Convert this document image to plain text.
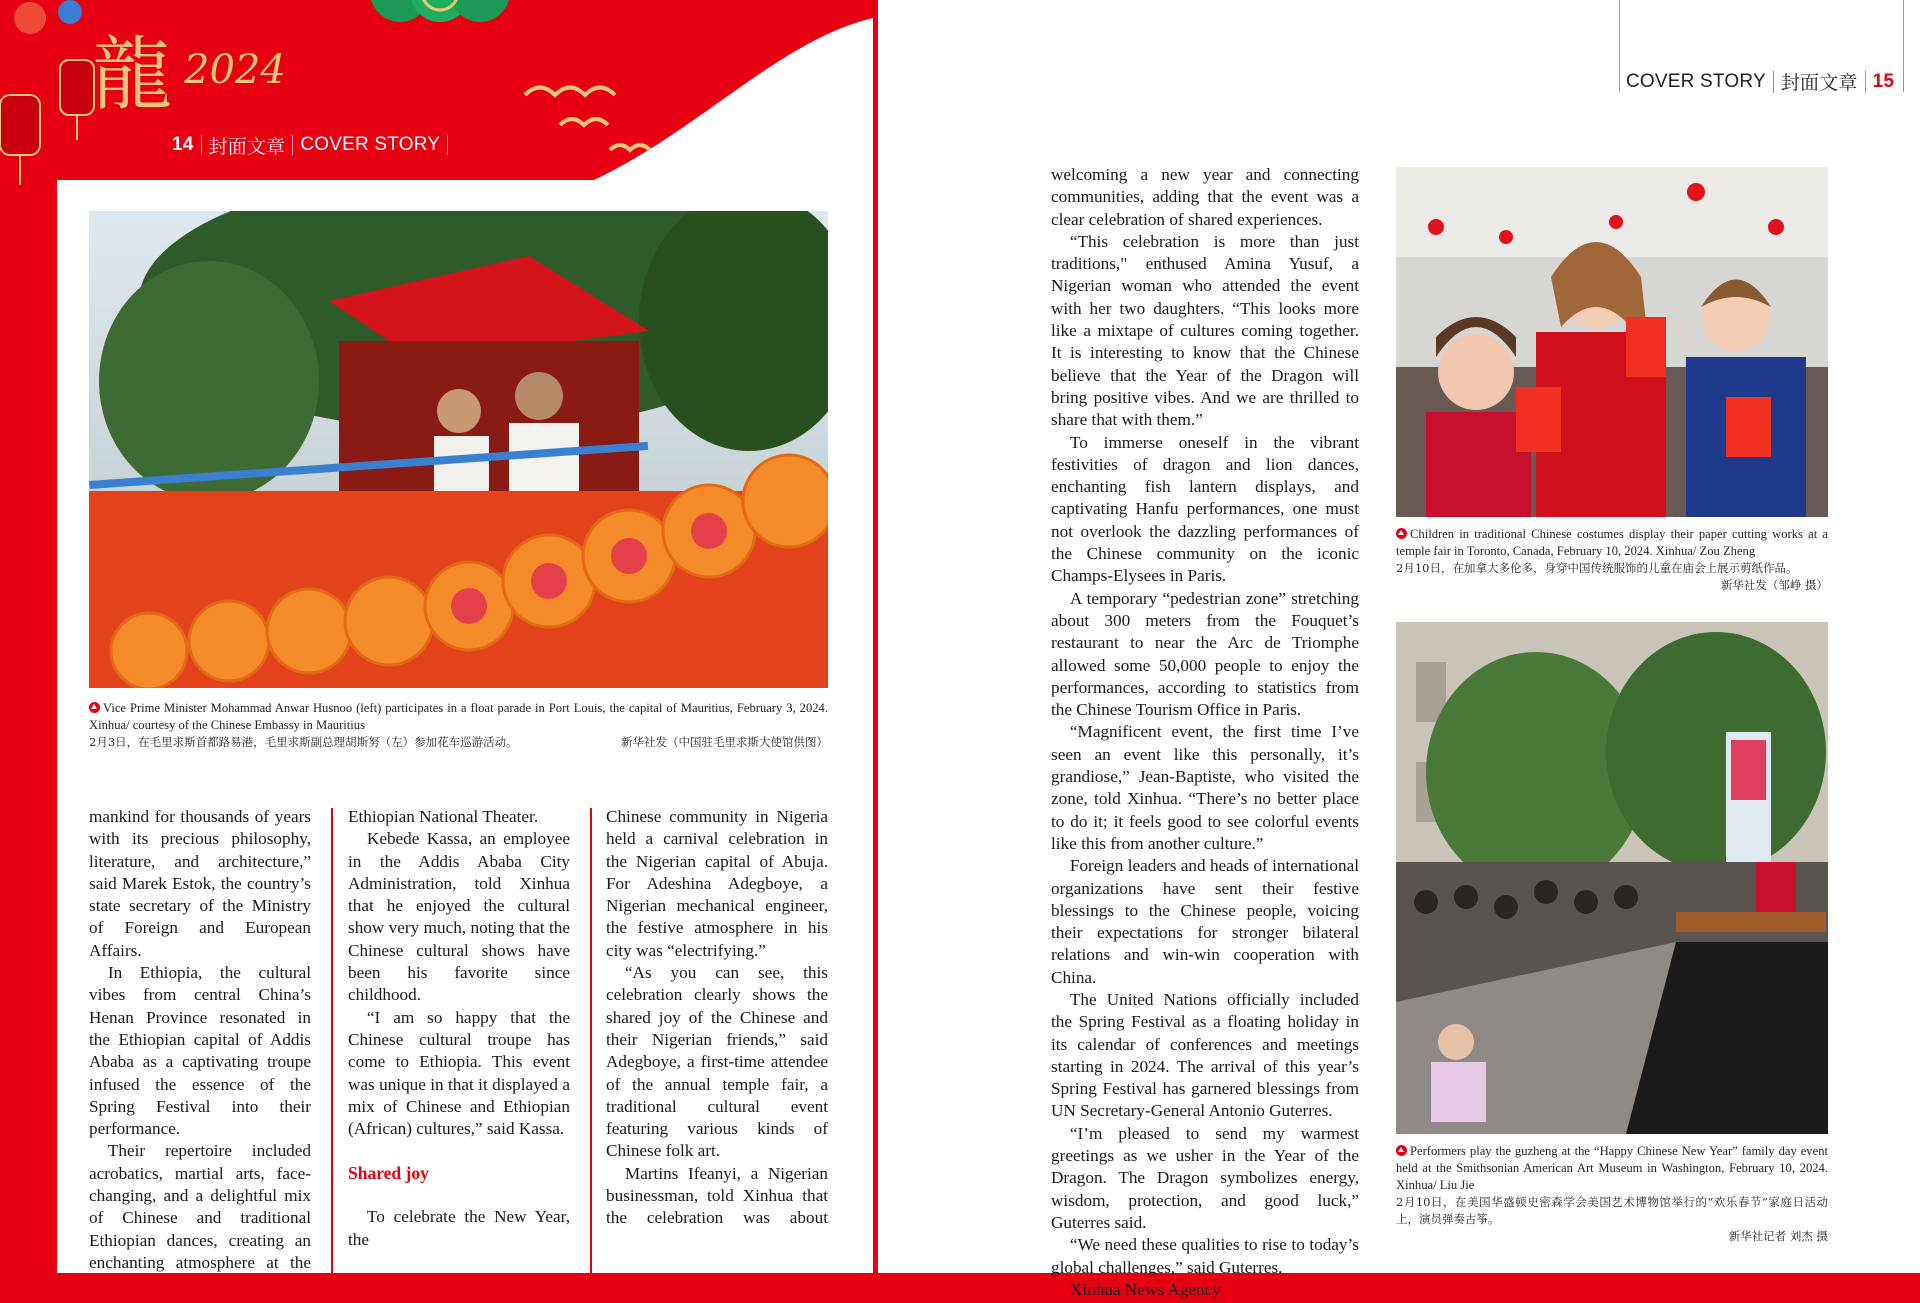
龍 2024
14 封面文章 COVER STORY
Vice Prime Minister Mohammad Anwar Husnoo (left) participates in a float parade in Port Louis, the capital of Mauritius, February 3, 2024. Xinhua/ courtesy of the Chinese Embassy in Mauritius
2月3日，在毛里求斯首都路易港，毛里求斯副总理胡斯努（左）参加花车巡游活动。	新华社发（中国驻毛里求斯大使馆供图）

mankind for thousands of years with its precious philosophy, literature, and architecture,” said Marek Estok, the country’s state secretary of the Ministry of Foreign and European Affairs.

In Ethiopia, the cultural vibes from central China’s Henan Province resonated in the Ethiopian capital of Addis Ababa as a captivating troupe infused the essence of the Spring Festival into their performance.

Their repertoire included acrobatics, martial arts, face-changing, and a delightful mix of Chinese and traditional Ethiopian dances, creating an enchanting atmosphere at the

Ethiopian National Theater.

Kebede Kassa, an employee in the Addis Ababa City Administration, told Xinhua that he enjoyed the cultural show very much, noting that the Chinese cultural shows have been his favorite since childhood.

“I am so happy that the Chinese cultural troupe has come to Ethiopia. This event was unique in that it displayed a mix of Chinese and Ethiopian (African) cultures,” said Kassa.

Shared joy

To celebrate the New Year, the

Chinese community in Nigeria held a carnival celebration in the Nigerian capital of Abuja. For Adeshina Adegboye, a Nigerian mechanical engineer, the festive atmosphere in his city was “electrifying.”

“As you can see, this celebration clearly shows the shared joy of the Chinese and their Nigerian friends,” said Adegboye, a first-time attendee of the annual temple fair, a traditional cultural event featuring various kinds of Chinese folk art.

Martins Ifeanyi, a Nigerian businessman, told Xinhua that the celebration was about

COVER STORY 封面文章 15

welcoming a new year and connecting communities, adding that the event was a clear celebration of shared experiences.

“This celebration is more than just traditions," enthused Amina Yusuf, a Nigerian woman who attended the event with her two daughters. “This looks more like a mixtape of cultures coming together. It is interesting to know that the Chinese believe that the Year of the Dragon will bring positive vibes. And we are thrilled to share that with them.”

To immerse oneself in the vibrant festivities of dragon and lion dances, enchanting fish lantern displays, and captivating Hanfu performances, one must not overlook the dazzling performances of the Chinese community on the iconic Champs-Elysees in Paris.

A temporary “pedestrian zone” stretching about 300 meters from the Fouquet’s restaurant to near the Arc de Triomphe allowed some 50,000 people to enjoy the performances, according to statistics from the Chinese Tourism Office in Paris.

“Magnificent event, the first time I’ve seen an event like this personally, it’s grandiose,” Jean-Baptiste, who visited the zone, told Xinhua. “There’s no better place to do it; it feels good to see colorful events like this from another culture.”

Foreign leaders and heads of international organizations have sent their festive blessings to the Chinese people, voicing their expectations for stronger bilateral relations and win-win cooperation with China.

The United Nations officially included the Spring Festival as a floating holiday in its calendar of conferences and meetings starting in 2024. The arrival of this year’s Spring Festival has garnered blessings from UN Secretary-General Antonio Guterres.

“I’m pleased to send my warmest greetings as we usher in the Year of the Dragon. The Dragon symbolizes energy, wisdom, protection, and good luck,” Guterres said.

“We need these qualities to rise to today’s global challenges,” said Guterres.

Xinhua News Agency

Children in traditional Chinese costumes display their paper cutting works at a temple fair in Toronto, Canada, February 10, 2024. Xinhua/ Zou Zheng
2月10日，在加拿大多伦多，身穿中国传统服饰的儿童在庙会上展示剪纸作品。
新华社发（邹峥 摄）
Performers play the guzheng at the “Happy Chinese New Year” family day event held at the Smithsonian American Art Museum in Washington, February 10, 2024. Xinhua/ Liu Jie
2月10日，在美国华盛顿史密森学会美国艺术博物馆举行的“欢乐春节”家庭日活动上，演员弹奏古筝。
新华社记者 刘杰 摄
